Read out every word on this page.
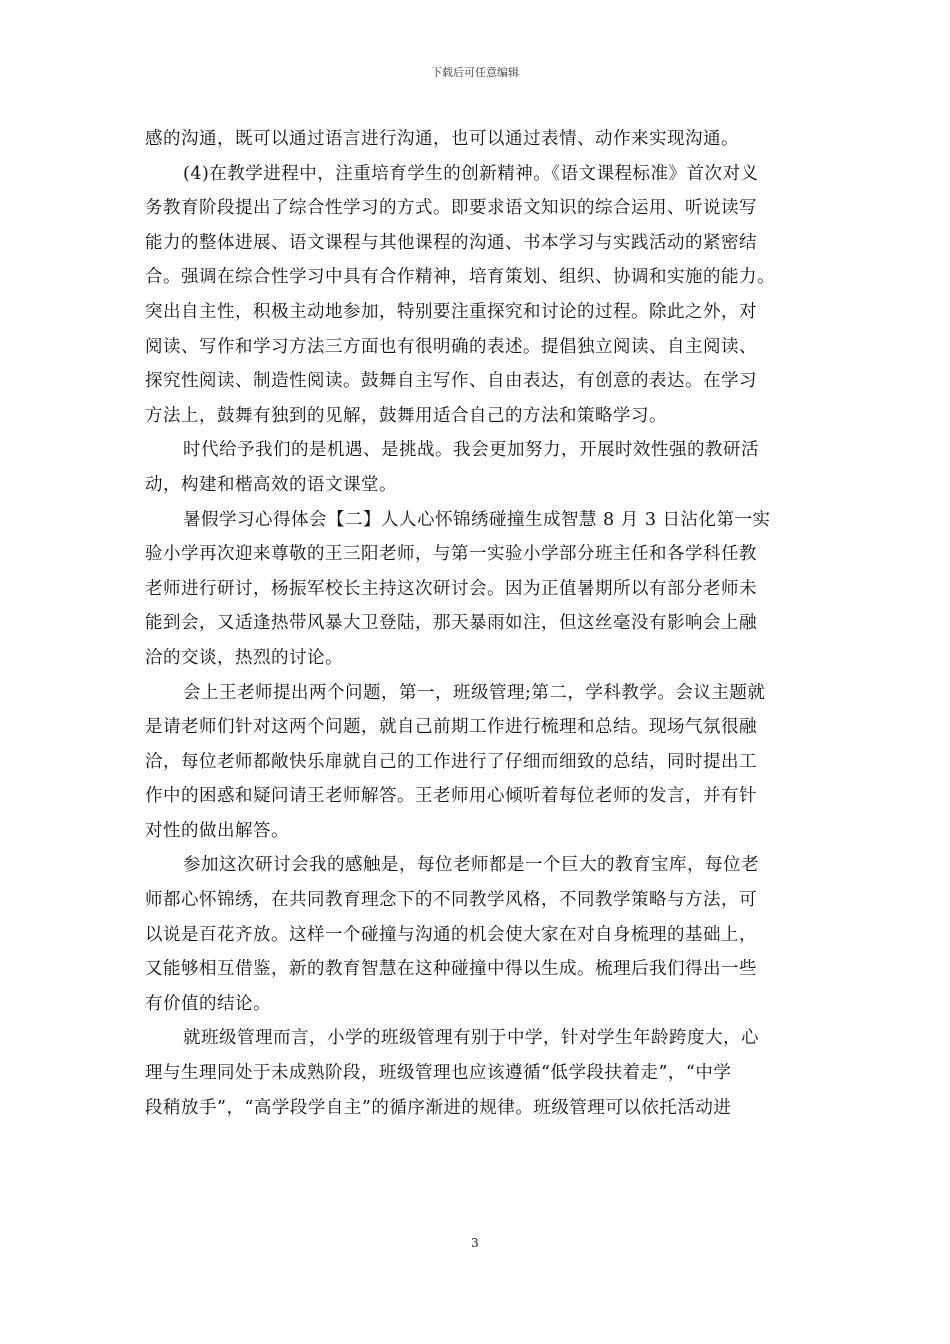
下载后可任意编辑
感的沟通，既可以通过语言进行沟通，也可以通过表情、动作来实现沟通。
(4)在教学进程中，注重培育学生的创新精神。《语文课程标准》首次对义
务教育阶段提出了综合性学习的方式。即要求语文知识的综合运用、听说读写
能力的整体进展、语文课程与其他课程的沟通、书本学习与实践活动的紧密结
合。强调在综合性学习中具有合作精神，培育策划、组织、协调和实施的能力。
突出自主性，积极主动地参加，特别要注重探究和讨论的过程。除此之外，对
阅读、写作和学习方法三方面也有很明确的表述。提倡独立阅读、自主阅读、
探究性阅读、制造性阅读。鼓舞自主写作、自由表达，有创意的表达。在学习
方法上，鼓舞有独到的见解，鼓舞用适合自己的方法和策略学习。
时代给予我们的是机遇、是挑战。我会更加努力，开展时效性强的教研活
动，构建和楷高效的语文课堂。
暑假学习心得体会【二】人人心怀锦绣碰撞生成智慧 8 月 3 日沾化第一实
验小学再次迎来尊敬的王三阳老师，与第一实验小学部分班主任和各学科任教
老师进行研讨，杨振军校长主持这次研讨会。因为正值暑期所以有部分老师未
能到会，又适逢热带风暴大卫登陆，那天暴雨如注，但这丝毫没有影响会上融
洽的交谈，热烈的讨论。
会上王老师提出两个问题，第一，班级管理;第二，学科教学。会议主题就
是请老师们针对这两个问题，就自己前期工作进行梳理和总结。现场气氛很融
洽，每位老师都敞快乐扉就自己的工作进行了仔细而细致的总结，同时提出工
作中的困惑和疑问请王老师解答。王老师用心倾听着每位老师的发言，并有针
对性的做出解答。
参加这次研讨会我的感触是，每位老师都是一个巨大的教育宝库，每位老
师都心怀锦绣，在共同教育理念下的不同教学风格，不同教学策略与方法，可
以说是百花齐放。这样一个碰撞与沟通的机会使大家在对自身梳理的基础上，
又能够相互借鉴，新的教育智慧在这种碰撞中得以生成。梳理后我们得出一些
有价值的结论。
就班级管理而言，小学的班级管理有别于中学，针对学生年龄跨度大，心
理与生理同处于未成熟阶段，班级管理也应该遵循“低学段扶着走”，“中学
段稍放手”，“高学段学自主”的循序渐进的规律。班级管理可以依托活动进
3
